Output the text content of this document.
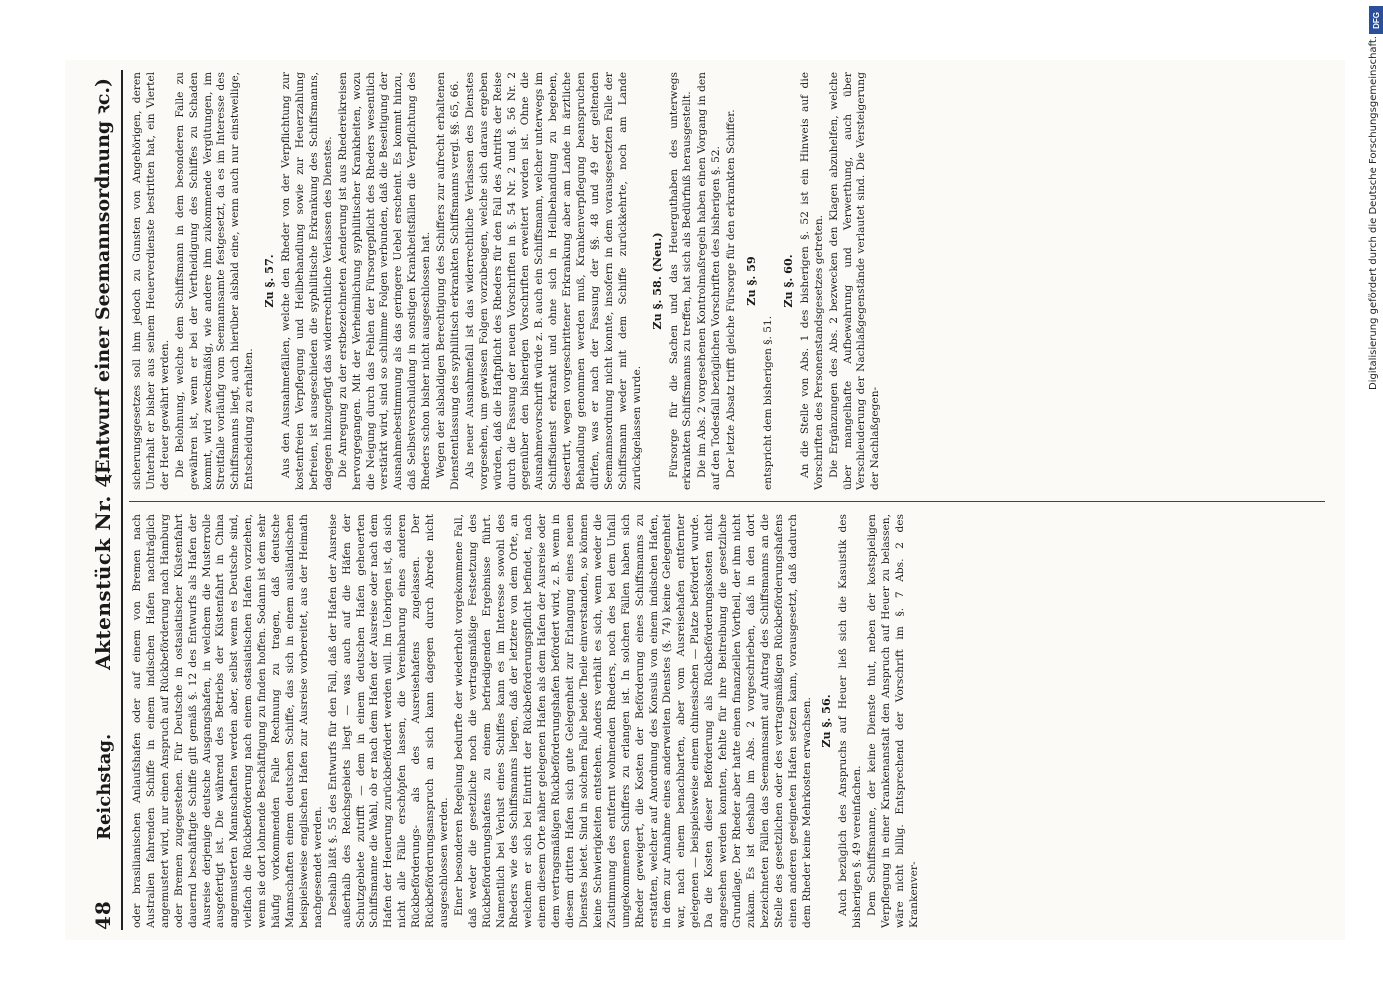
48
Reichstag.
Aktenstück Nr. 4.
(Entwurf einer Seemannsordnung ꝛc.)

oder brasilianischen Anlaufshafen oder auf einem von Bremen nach Australien fahrenden Schiffe in einem indischen Hafen nachträglich angemustert wird, nur einen Anspruch auf Rückbeförderung nach Hamburg oder Bremen zugegestehen. Für Deutsche in ostasiatischer Küstenfahrt dauernd beschäftigte Schiffe gilt gemäß §. 12 des Entwurfs als Hafen der Ausreise derjenige deutsche Ausgangshafen, in welchem die Musterrolle ausgefertigt ist. Die während des Betriebs der Küstenfahrt in China angemusterten Mannschaften werden aber, selbst wenn es Deutsche sind, vielfach die Rückbeförderung nach einem ostasiatischen Hafen vorziehen, wenn sie dort lohnende Beschäftigung zu finden hoffen. Sodann ist dem sehr häufig vorkommenden Falle Rechnung zu tragen, daß deutsche Mannschaften einem deutschen Schiffe, das sich in einem ausländischen beispielsweise englischen Hafen zur Ausreise vorbereitet, aus der Heimath nachgesendet werden. Deshalb läßt §. 55 des Entwurfs für den Fall, daß der Hafen der Ausreise außerhalb des Reichsgebiets liegt — was auch auf die Häfen der Schutzgebiete zutrifft — dem in einem deutschen Hafen geheuerten Schiffsmanne die Wahl, ob er nach dem Hafen der Ausreise oder nach dem Hafen der Heuerung zurückbefördert werden will. Im Uebrigen ist, da sich nicht alle Fälle erschöpfen lassen, die Vereinbarung eines anderen Rückbeförderungs- als des Ausreisehafens zugelassen. Der Rückbeförderungsanspruch an sich kann dagegen durch Abrede nicht ausgeschlossen werden. Einer besonderen Regelung bedurfte der wiederholt vorgekommene Fall, daß weder die gesetzliche noch die vertragsmäßige Festsetzung des Rückbeförderungshafens zu einem befriedigenden Ergebnisse führt. Namentlich bei Verlust eines Schiffes kann es im Interesse sowohl des Rheders wie des Schiffsmanns liegen, daß der letztere von dem Orte, an welchem er sich bei Eintritt der Rückbeförderungspflicht befindet, nach einem diesem Orte näher gelegenen Hafen als dem Hafen der Ausreise oder dem vertragsmäßigen Rückbeförderungshafen befördert wird, z. B. wenn in diesem dritten Hafen sich gute Gelegenheit zur Erlangung eines neuen Dienstes bietet. Sind in solchem Falle beide Theile einverstanden, so können keine Schwierigkeiten entstehen. Anders verhält es sich, wenn weder die Zustimmung des entfernt wohnenden Rheders, noch des bei dem Unfall umgekommenen Schiffers zu erlangen ist. In solchen Fällen haben sich Rheder geweigert, die Kosten der Beförderung eines Schiffsmanns zu erstatten, welcher auf Anordnung des Konsuls von einem indischen Hafen, in dem zur Annahme eines anderweiten Dienstes (§. 74) keine Gelegenheit war, nach einem benachbarten, aber vom Ausreisehafen entfernter gelegenen — beispielsweise einem chinesischen — Platze befördert wurde. Da die Kosten dieser Beförderung als Rückbeförderungskosten nicht angesehen werden konnten, fehlte für ihre Beitreibung die gesetzliche Grundlage. Der Rheder aber hatte einen finanziellen Vortheil, der ihm nicht zukam. Es ist deshalb im Abs. 2 vorgeschrieben, daß in den dort bezeichneten Fällen das Seemannsamt auf Antrag des Schiffsmanns an die Stelle des gesetzlichen oder des vertragsmäßigen Rückbeförderungshafens einen anderen geeigneten Hafen setzen kann, vorausgesetzt, daß dadurch dem Rheder keine Mehrkosten erwachsen. Zu §. 56. Auch bezüglich des Anspruchs auf Heuer ließ sich die Kasuistik des bisherigen §. 49 vereinfachen. Dem Schiffsmanne, der keine Dienste thut, neben der kostspieligen Verpflegung in einer Krankenanstalt den Anspruch auf Heuer zu belassen, wäre nicht billig. Entsprechend der Vorschrift im §. 7 Abs. 2 des Krankenver-

sicherungsgesetzes soll ihm jedoch zu Gunsten von Angehörigen, deren Unterhalt er bisher aus seinem Heuerverdienste bestritten hat, ein Viertel der Heuer gewährt werden. Die Belohnung, welche dem Schiffsmann in dem besonderen Falle zu gewähren ist, wenn er bei der Vertheidigung des Schiffes zu Schaden kommt, wird zweckmäßig, wie andere ihm zukommende Vergütungen, im Streitfalle vorläufig vom Seemannsamte festgesetzt, da es im Interesse des Schiffsmanns liegt, auch hierüber alsbald eine, wenn auch nur einstweilige, Entscheidung zu erhalten.

Zu §. 57. Aus den Ausnahmefällen, welche den Rheder von der Verpflichtung zur kostenfreien Verpflegung und Heilbehandlung sowie zur Heuerzahlung befreien, ist ausgeschieden die syphilitische Erkrankung des Schiffsmanns, dagegen hinzugefügt das widerrechtliche Verlassen des Dienstes. Die Anregung zu der erstbezeichneten Aenderung ist aus Rhedereikreisen hervorgegangen. Mit der Verheimlichung syphilitischer Krankheiten, wozu die Neigung durch das Fehlen der Fürsorgepflicht des Rheders wesentlich verstärkt wird, sind so schlimme Folgen verbunden, daß die Beseitigung der Ausnahmebestimmung als das geringere Uebel erscheint. Es kommt hinzu, daß Selbstverschuldung in sonstigen Krankheitsfällen die Verpflichtung des Rheders schon bisher nicht ausgeschlossen hat. Wegen der alsbaldigen Berechtigung des Schiffers zur aufrecht erhaltenen Dienstentlassung des syphilitisch erkrankten Schiffsmanns vergl. §§. 65, 66. Als neuer Ausnahmefall ist das widerrechtliche Verlassen des Dienstes vorgesehen, um gewissen Folgen vorzubeugen, welche sich daraus ergeben würden, daß die Haftpflicht des Rheders für den Fall des Antritts der Reise durch die Fassung der neuen Vorschriften in §. 54 Nr. 2 und §. 56 Nr. 2 gegenüber den bisherigen Vorschriften erweitert worden ist. Ohne die Ausnahmevorschrift würde z. B. auch ein Schiffsmann, welcher unterwegs im Schiffsdienst erkrankt und ohne sich in Heilbehandlung zu begeben, desertirt, wegen vorgeschrittener Erkrankung aber am Lande in ärztliche Behandlung genommen werden muß, Krankenverpflegung beanspruchen dürfen, was er nach der Fassung der §§. 48 und 49 der geltenden Seemannsordnung nicht konnte, insofern in dem vorausgesetzten Falle der Schiffsmann weder mit dem Schiffe zurückkehrte, noch am Lande zurückgelassen wurde.

Zu §. 58. (Neu.) Fürsorge für die Sachen und das Heuerguthaben des unterwegs erkrankten Schiffsmanns zu treffen, hat sich als Bedürfniß herausgestellt. Die im Abs. 2 vorgesehenen Kontrolmaßregeln haben einen Vorgang in den auf den Todesfall bezüglichen Vorschriften des bisherigen §. 52. Der letzte Absatz trifft gleiche Fürsorge für den erkrankten Schiffer. Zu §. 59

entspricht dem bisherigen §. 51.

Zu §. 60. An die Stelle von Abs. 1 des bisherigen §. 52 ist ein Hinweis auf die Vorschriften des Personenstandsgesetzes getreten. Die Ergänzungen des Abs. 2 bezwecken den Klagen abzuhelfen, welche über mangelhafte Aufbewahrung und Verwerthung, auch über Verschleuderung der Nachlaßgegenstände verlautet sind. Die Versteigerung der Nachlaßgegen-

DFG
Digitalisierung gefördert durch die Deutsche Forschungsgemeinschaft.
